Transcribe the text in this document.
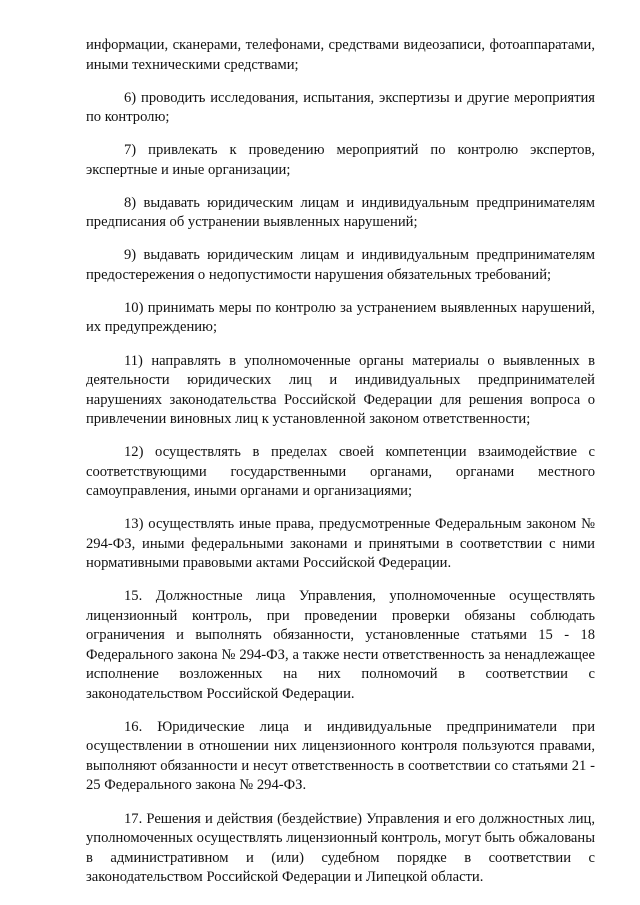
информации, сканерами, телефонами, средствами видеозаписи, фотоаппаратами, иными техническими средствами;

6) проводить исследования, испытания, экспертизы и другие мероприятия по контролю;

7) привлекать к проведению мероприятий по контролю экспертов, экспертные и иные организации;

8) выдавать юридическим лицам и индивидуальным предпринимателям предписания об устранении выявленных нарушений;

9) выдавать юридическим лицам и индивидуальным предпринимателям предостережения о недопустимости нарушения обязательных требований;

10) принимать меры по контролю за устранением выявленных нарушений, их предупреждению;

11) направлять в уполномоченные органы материалы о выявленных в деятельности юридических лиц и индивидуальных предпринимателей нарушениях законодательства Российской Федерации для решения вопроса о привлечении виновных лиц к установленной законом ответственности;

12) осуществлять в пределах своей компетенции взаимодействие с соответствующими государственными органами, органами местного самоуправления, иными органами и организациями;

13) осуществлять иные права, предусмотренные Федеральным законом № 294-ФЗ, иными федеральными законами и принятыми в соответствии с ними нормативными правовыми актами Российской Федерации.

15. Должностные лица Управления, уполномоченные осуществлять лицензионный контроль, при проведении проверки обязаны соблюдать ограничения и выполнять обязанности, установленные статьями 15 - 18 Федерального закона № 294-ФЗ, а также нести ответственность за ненадлежащее исполнение возложенных на них полномочий в соответствии с законодательством Российской Федерации.

16. Юридические лица и индивидуальные предприниматели при осуществлении в отношении них лицензионного контроля пользуются правами, выполняют обязанности и несут ответственность в соответствии со статьями 21 - 25 Федерального закона № 294-ФЗ.

17. Решения и действия (бездействие) Управления и его должностных лиц, уполномоченных осуществлять лицензионный контроль, могут быть обжалованы в административном и (или) судебном порядке в соответствии с законодательством Российской Федерации и Липецкой области.
